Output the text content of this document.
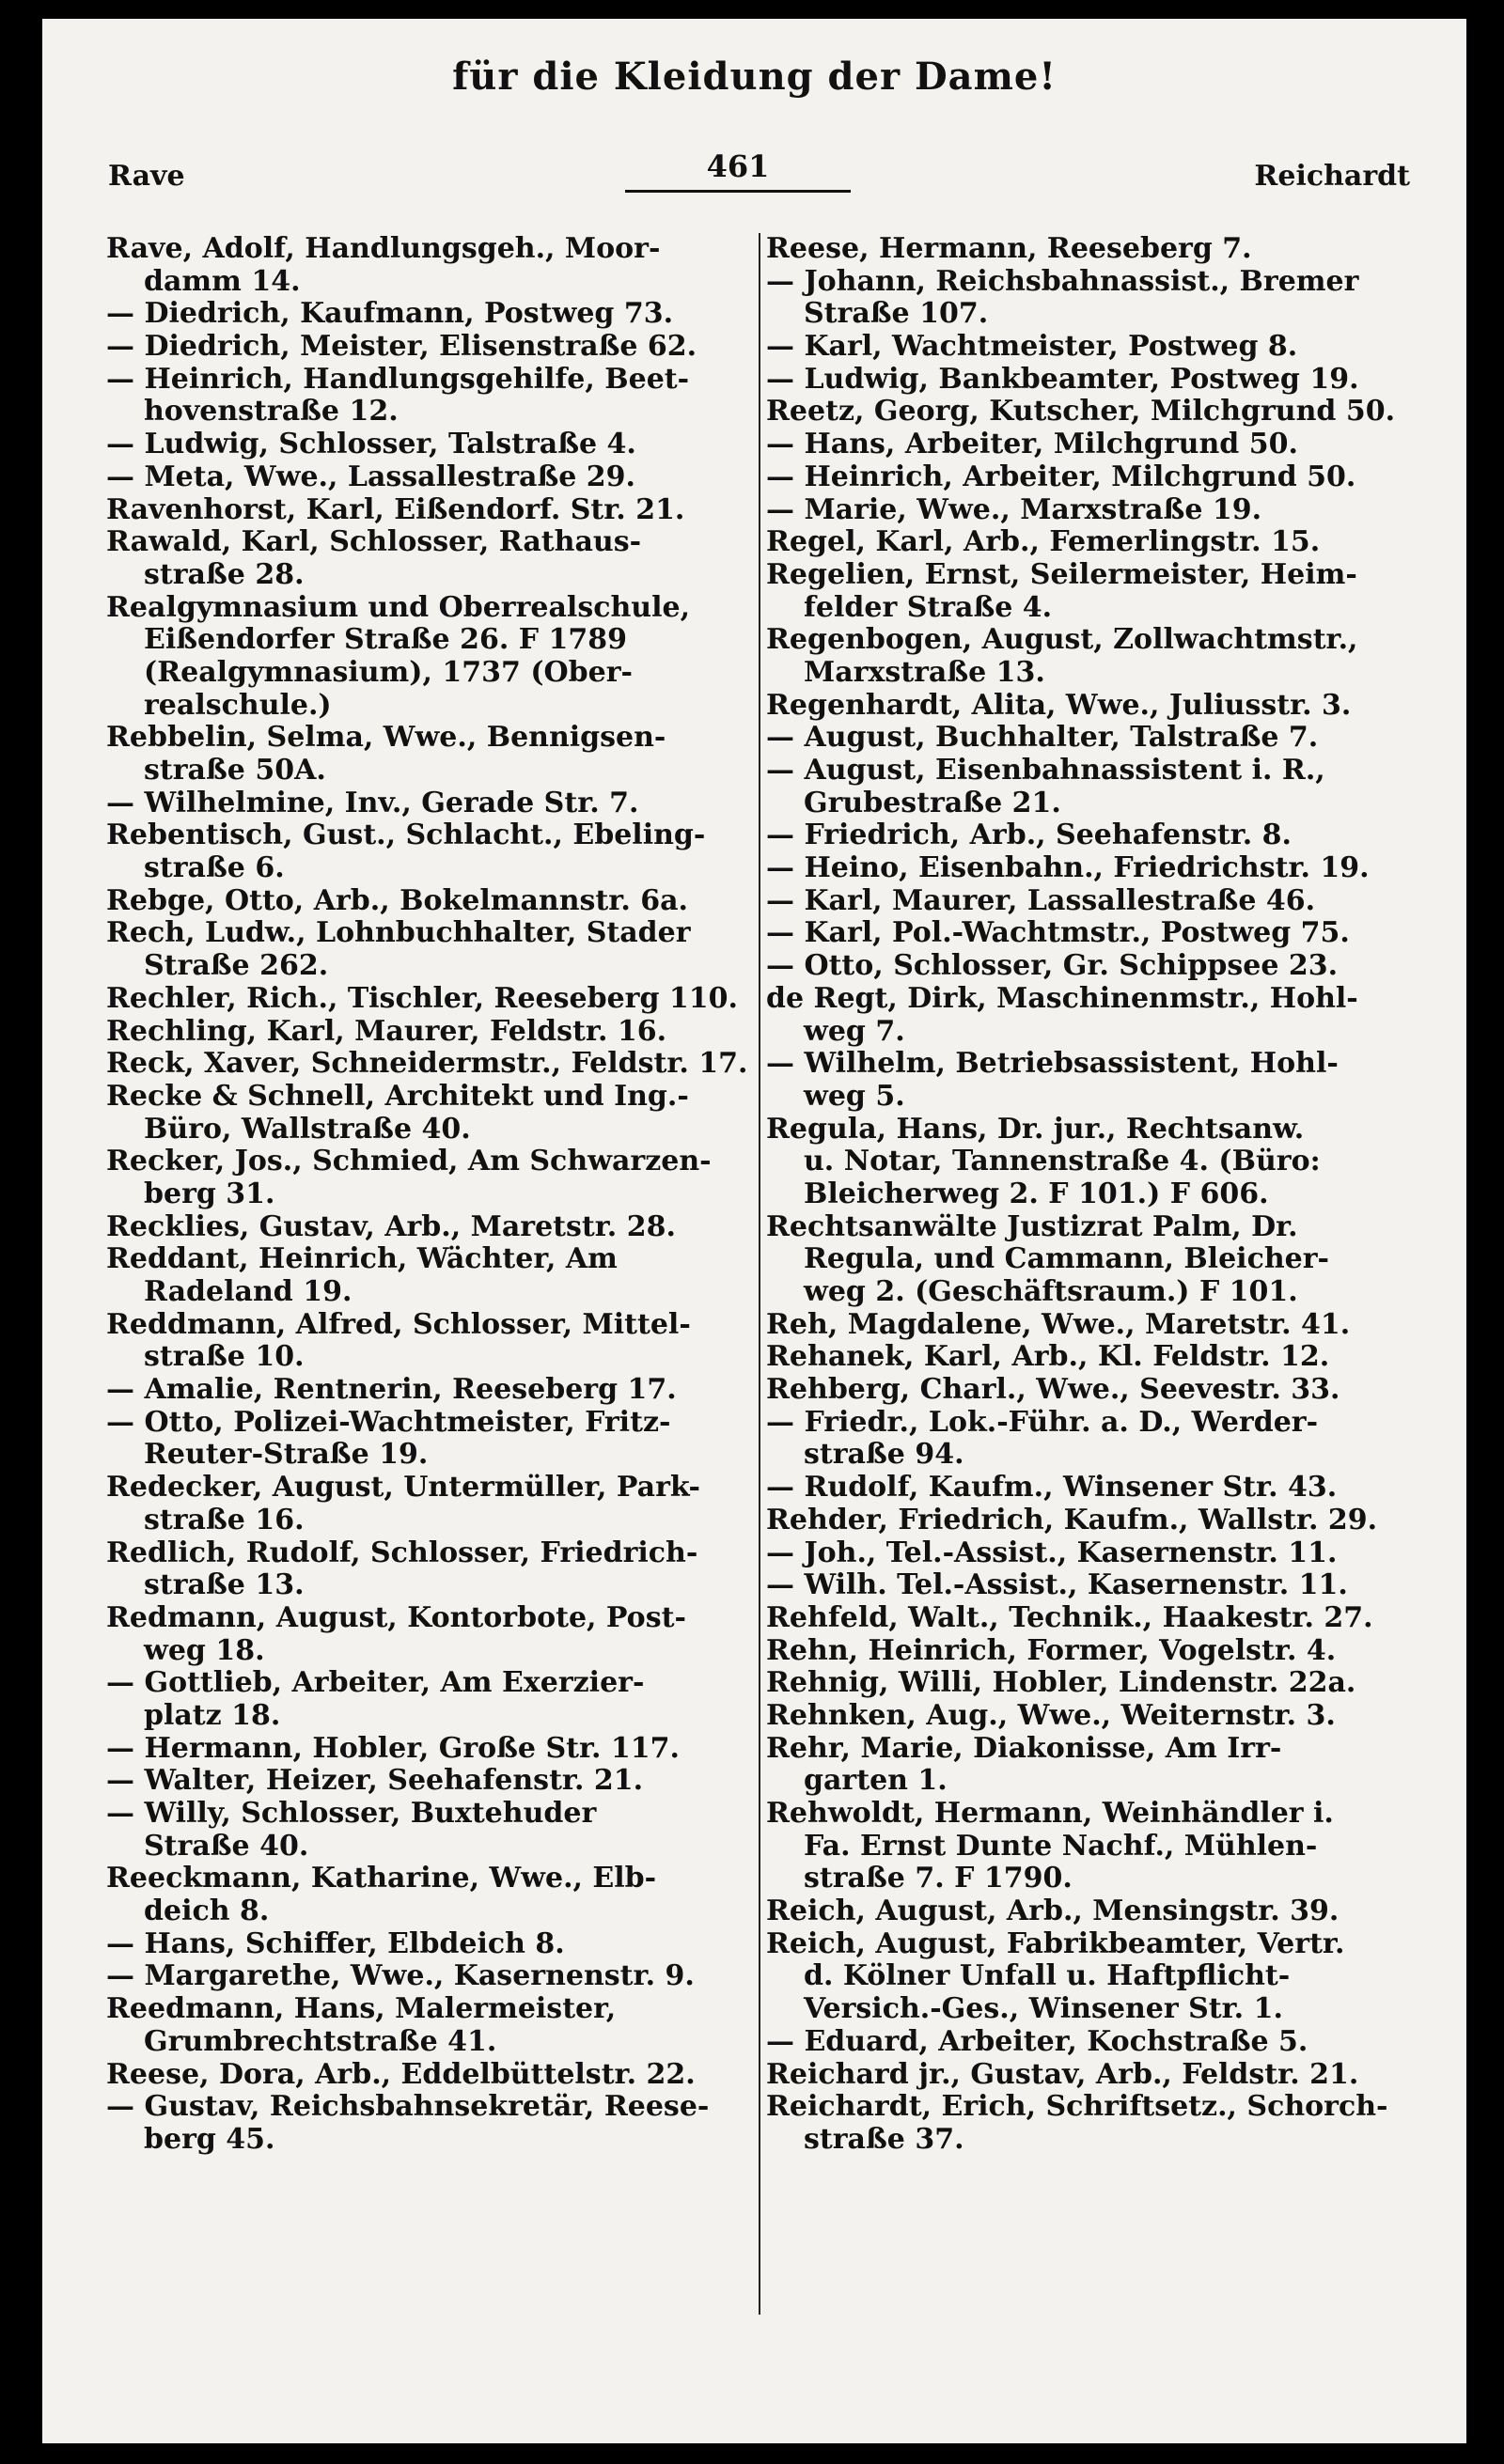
für die Kleidung der Dame!
Rave	461	Reichardt
Rave, Adolf, Handlungsgeh., Moor-
damm 14.
— Diedrich, Kaufmann, Postweg 73.
— Diedrich, Meister, Elisenstraße 62.
— Heinrich, Handlungsgehilfe, Beet-
hovenstraße 12.
— Ludwig, Schlosser, Talstraße 4.
— Meta, Wwe., Lassallestraße 29.
Ravenhorst, Karl, Eißendorf. Str. 21.
Rawald, Karl, Schlosser, Rathaus-
straße 28.
Realgymnasium und Oberrealschule,
Eißendorfer Straße 26. F 1789
(Realgymnasium), 1737 (Ober-
realschule.)
Rebbelin, Selma, Wwe., Bennigsen-
straße 50A.
— Wilhelmine, Inv., Gerade Str. 7.
Rebentisch, Gust., Schlacht., Ebeling-
straße 6.
Rebge, Otto, Arb., Bokelmannstr. 6a.
Rech, Ludw., Lohnbuchhalter, Stader
Straße 262.
Rechler, Rich., Tischler, Reeseberg 110.
Rechling, Karl, Maurer, Feldstr. 16.
Reck, Xaver, Schneidermstr., Feldstr. 17.
Recke & Schnell, Architekt und Ing.-
Büro, Wallstraße 40.
Recker, Jos., Schmied, Am Schwarzen-
berg 31.
Recklies, Gustav, Arb., Maretstr. 28.
Reddant, Heinrich, Wächter, Am
Radeland 19.
Reddmann, Alfred, Schlosser, Mittel-
straße 10.
— Amalie, Rentnerin, Reeseberg 17.
— Otto, Polizei-Wachtmeister, Fritz-
Reuter-Straße 19.
Redecker, August, Untermüller, Park-
straße 16.
Redlich, Rudolf, Schlosser, Friedrich-
straße 13.
Redmann, August, Kontorbote, Post-
weg 18.
— Gottlieb, Arbeiter, Am Exerzier-
platz 18.
— Hermann, Hobler, Große Str. 117.
— Walter, Heizer, Seehafenstr. 21.
— Willy, Schlosser, Buxtehuder
Straße 40.
Reeckmann, Katharine, Wwe., Elb-
deich 8.
— Hans, Schiffer, Elbdeich 8.
— Margarethe, Wwe., Kasernenstr. 9.
Reedmann, Hans, Malermeister,
Grumbrechtstraße 41.
Reese, Dora, Arb., Eddelbüttelstr. 22.
— Gustav, Reichsbahnsekretär, Reese-
berg 45.
Reese, Hermann, Reeseberg 7.
— Johann, Reichsbahnassist., Bremer
Straße 107.
— Karl, Wachtmeister, Postweg 8.
— Ludwig, Bankbeamter, Postweg 19.
Reetz, Georg, Kutscher, Milchgrund 50.
— Hans, Arbeiter, Milchgrund 50.
— Heinrich, Arbeiter, Milchgrund 50.
— Marie, Wwe., Marxstraße 19.
Regel, Karl, Arb., Femerlingstr. 15.
Regelien, Ernst, Seilermeister, Heim-
felder Straße 4.
Regenbogen, August, Zollwachtmstr.,
Marxstraße 13.
Regenhardt, Alita, Wwe., Juliusstr. 3.
— August, Buchhalter, Talstraße 7.
— August, Eisenbahnassistent i. R.,
Grubestraße 21.
— Friedrich, Arb., Seehafenstr. 8.
— Heino, Eisenbahn., Friedrichstr. 19.
— Karl, Maurer, Lassallestraße 46.
— Karl, Pol.-Wachtmstr., Postweg 75.
— Otto, Schlosser, Gr. Schippsee 23.
de Regt, Dirk, Maschinenmstr., Hohl-
weg 7.
— Wilhelm, Betriebsassistent, Hohl-
weg 5.
Regula, Hans, Dr. jur., Rechtsanw.
u. Notar, Tannenstraße 4. (Büro:
Bleicherweg 2. F 101.) F 606.
Rechtsanwälte Justizrat Palm, Dr.
Regula, und Cammann, Bleicher-
weg 2. (Geschäftsraum.) F 101.
Reh, Magdalene, Wwe., Maretstr. 41.
Rehanek, Karl, Arb., Kl. Feldstr. 12.
Rehberg, Charl., Wwe., Seevestr. 33.
— Friedr., Lok.-Führ. a. D., Werder-
straße 94.
— Rudolf, Kaufm., Winsener Str. 43.
Rehder, Friedrich, Kaufm., Wallstr. 29.
— Joh., Tel.-Assist., Kasernenstr. 11.
— Wilh. Tel.-Assist., Kasernenstr. 11.
Rehfeld, Walt., Technik., Haakestr. 27.
Rehn, Heinrich, Former, Vogelstr. 4.
Rehnig, Willi, Hobler, Lindenstr. 22a.
Rehnken, Aug., Wwe., Weiternstr. 3.
Rehr, Marie, Diakonisse, Am Irr-
garten 1.
Rehwoldt, Hermann, Weinhändler i.
Fa. Ernst Dunte Nachf., Mühlen-
straße 7. F 1790.
Reich, August, Arb., Mensingstr. 39.
Reich, August, Fabrikbeamter, Vertr.
d. Kölner Unfall u. Haftpflicht-
Versich.-Ges., Winsener Str. 1.
— Eduard, Arbeiter, Kochstraße 5.
Reichard jr., Gustav, Arb., Feldstr. 21.
Reichardt, Erich, Schriftsetz., Schorch-
straße 37.
